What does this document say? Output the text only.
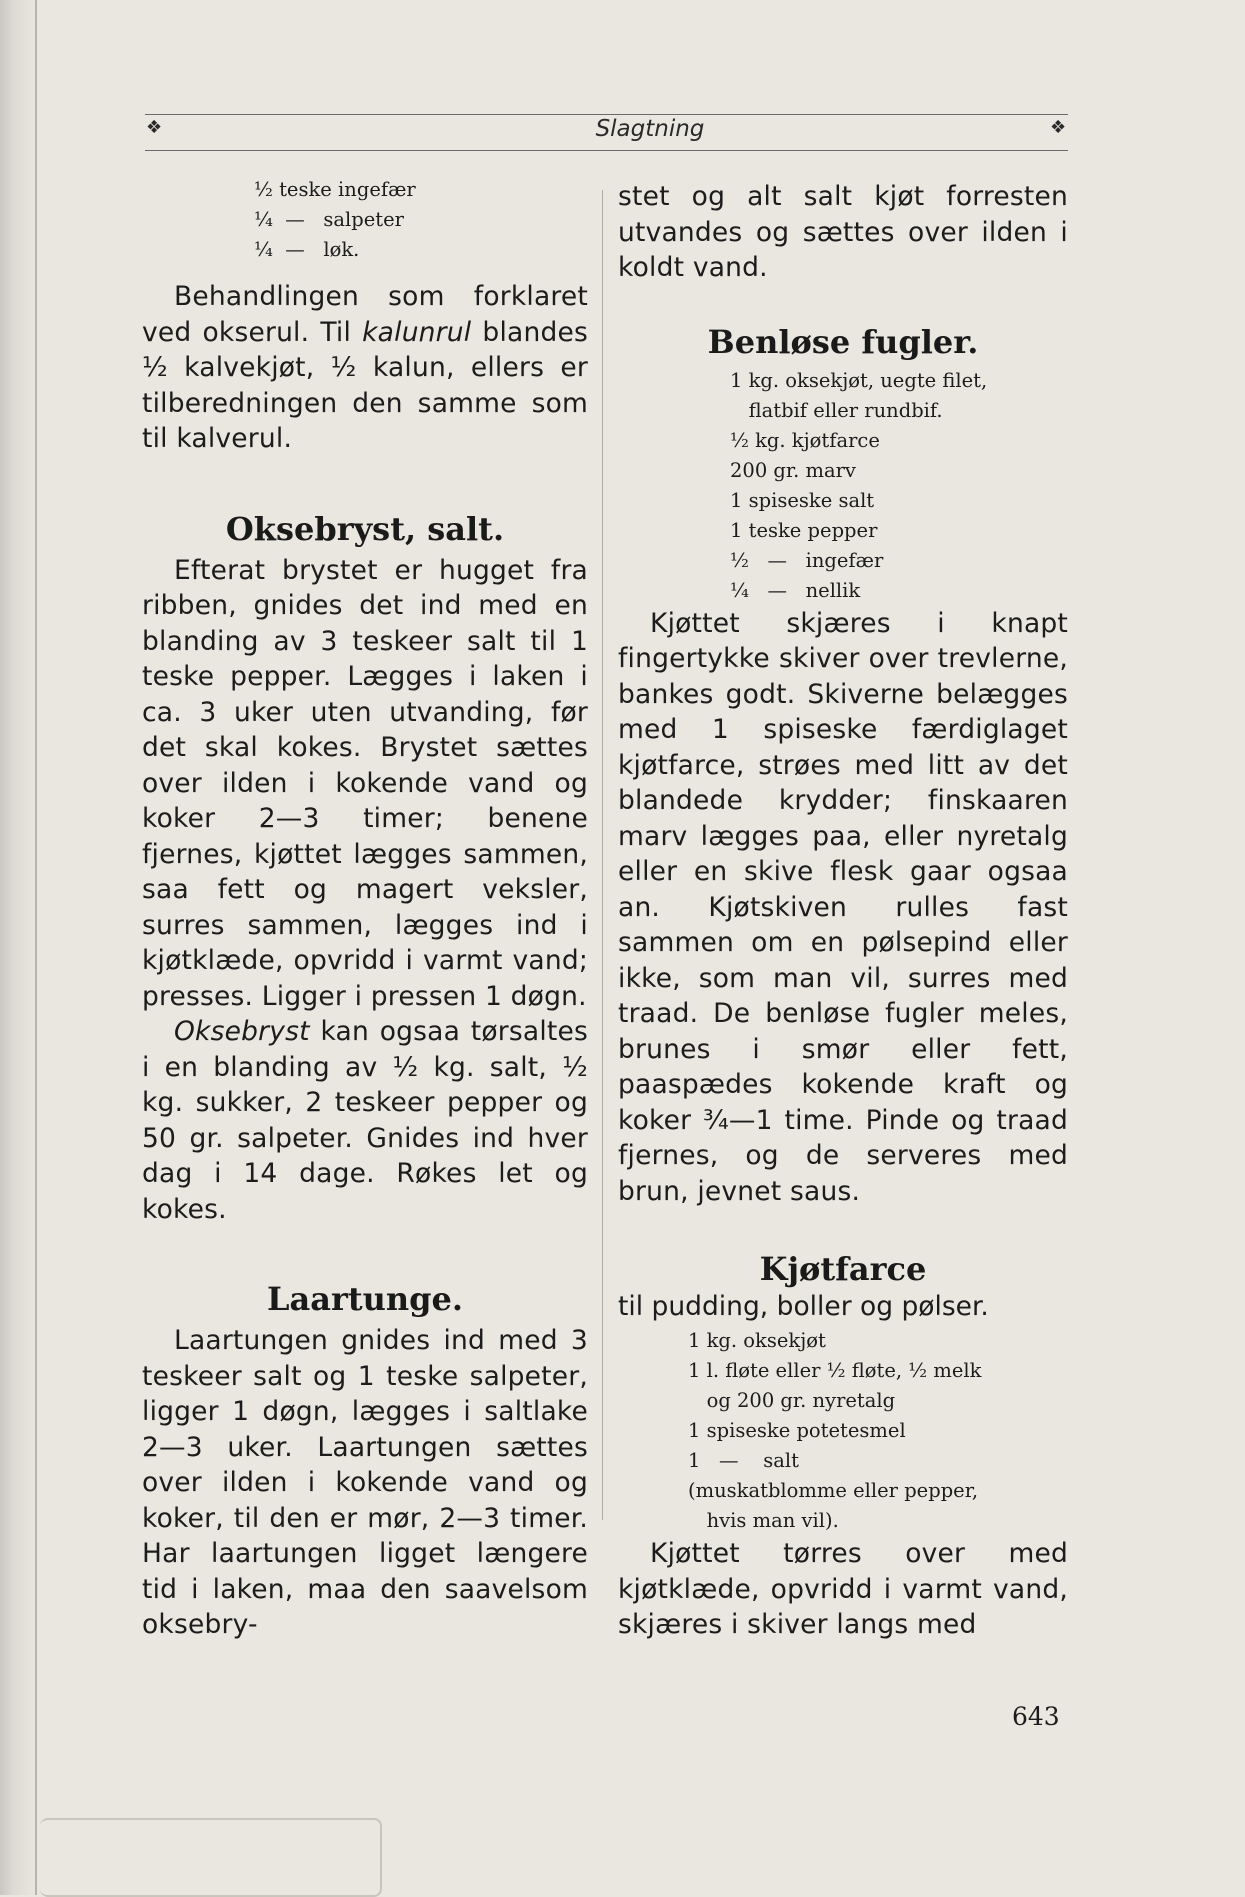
❖	Slagtning	❖
½ teske ingefær
¼  —   salpeter
¼  —   løk.

Behandlingen som forklaret ved okserul. Til kalunrul blandes ½ kalvekjøt, ½ kalun, ellers er tilberedningen den samme som til kalverul.

Oksebryst, salt.

Efterat brystet er hugget fra ribben, gnides det ind med en blanding av 3 teskeer salt til 1 teske pepper. Lægges i laken i ca. 3 uker uten utvanding, før det skal kokes. Brystet sættes over ilden i kokende vand og koker 2—3 timer; benene fjernes, kjøttet lægges sammen, saa fett og magert veksler, surres sammen, lægges ind i kjøtklæde, opvridd i varmt vand; presses. Ligger i pressen 1 døgn.

Oksebryst kan ogsaa tørsaltes i en blanding av ½ kg. salt, ½ kg. sukker, 2 teskeer pepper og 50 gr. salpeter. Gnides ind hver dag i 14 dage. Røkes let og kokes.

Laartunge.

Laartungen gnides ind med 3 teskeer salt og 1 teske salpeter, ligger 1 døgn, lægges i saltlake 2—3 uker. Laartungen sættes over ilden i kokende vand og koker, til den er mør, 2—3 timer. Har laartungen ligget længere tid i laken, maa den saavelsom oksebry-

stet og alt salt kjøt forresten utvandes og sættes over ilden i koldt vand.

Benløse fugler.
1 kg. oksekjøt, uegte filet,
flatbif eller rundbif.
½ kg. kjøtfarce
200 gr. marv
1 spiseske salt
1 teske pepper
½   —   ingefær
¼   —   nellik

Kjøttet skjæres i knapt fingertykke skiver over trevlerne, bankes godt. Skiverne belægges med 1 spiseske færdiglaget kjøtfarce, strøes med litt av det blandede krydder; finskaaren marv lægges paa, eller nyretalg eller en skive flesk gaar ogsaa an. Kjøtskiven rulles fast sammen om en pølsepind eller ikke, som man vil, surres med traad. De benløse fugler meles, brunes i smør eller fett, paaspædes kokende kraft og koker ¾—1 time. Pinde og traad fjernes, og de serveres med brun, jevnet saus.

Kjøtfarce

til pudding, boller og pølser.

1 kg. oksekjøt
1 l. fløte eller ½ fløte, ½ melk
og 200 gr. nyretalg
1 spiseske potetesmel
1   —    salt
(muskatblomme eller pepper,
hvis man vil).

Kjøttet tørres over med kjøtklæde, opvridd i varmt vand, skjæres i skiver langs med

643
